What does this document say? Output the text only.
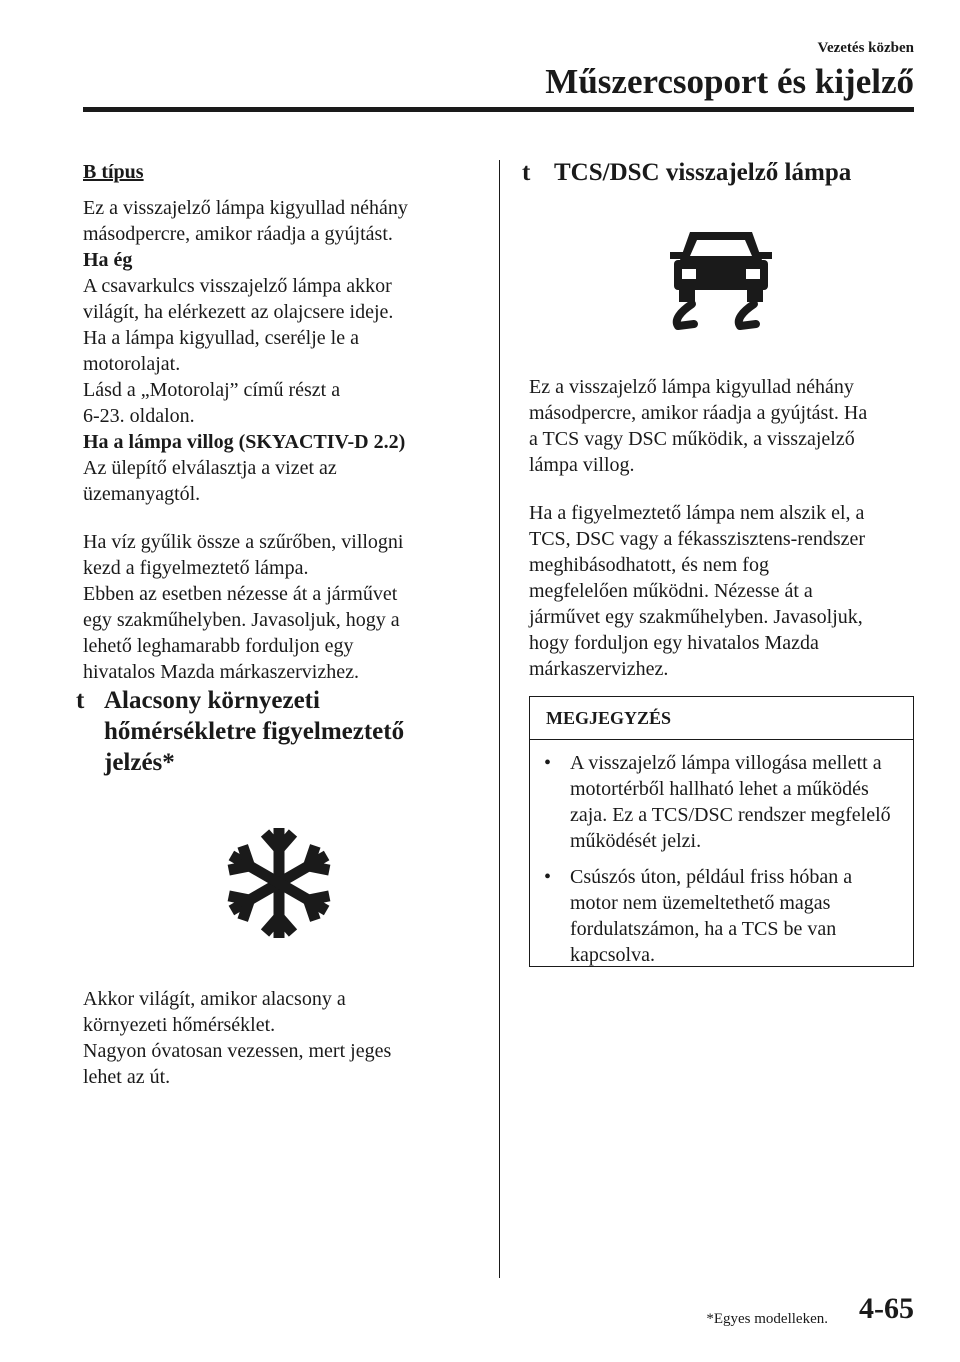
Vezetés közben
Műszercsoport és kijelző

B típus

Ez a visszajelző lámpa kigyullad néhány másodpercre, amikor ráadja a gyújtást.

Ha ég

A csavarkulcs visszajelző lámpa akkor

világít, ha elérkezett az olajcsere ideje.

Ha a lámpa kigyullad, cserélje le a

motorolajat.

Lásd a „Motorolaj” című részt a

6-23. oldalon.

Ha a lámpa villog (SKYACTIV-D 2.2)

Az ülepítő elválasztja a vizet az üzemanyagtól.

Ha víz gyűlik össze a szűrőben, villogni

kezd a figyelmeztető lámpa.

Ebben az esetben nézesse át a járművet

egy szakműhelyben. Javasoljuk, hogy a

lehető leghamarabb forduljon egy

hivatalos Mazda márkaszervizhez.

t Alacsony környezeti
hőmérsékletre figyelmeztető
jelzés*

Akkor világít, amikor alacsony a

környezeti hőmérséklet.

Nagyon óvatosan vezessen, mert jeges

lehet az út.

t TCS/DSC visszajelző lámpa

Ez a visszajelző lámpa kigyullad néhány

másodpercre, amikor ráadja a gyújtást. Ha

a TCS vagy DSC működik, a visszajelző

lámpa villog.

Ha a figyelmeztető lámpa nem alszik el, a

TCS, DSC vagy a fékasszisztens-rendszer

meghibásodhatott, és nem fog

megfelelően működni. Nézesse át a

járművet egy szakműhelyben. Javasoljuk,

hogy forduljon egy hivatalos Mazda

márkaszervizhez.

MEGJEGYZÉS
• A visszajelző lámpa villogása mellett a motortérből hallható lehet a működés zaja. Ez a TCS/DSC rendszer megfelelő működését jelzi.
• Csúszós úton, például friss hóban a motor nem üzemeltethető magas fordulatszámon, ha a TCS be van kapcsolva.
*Egyes modelleken. 4-65
